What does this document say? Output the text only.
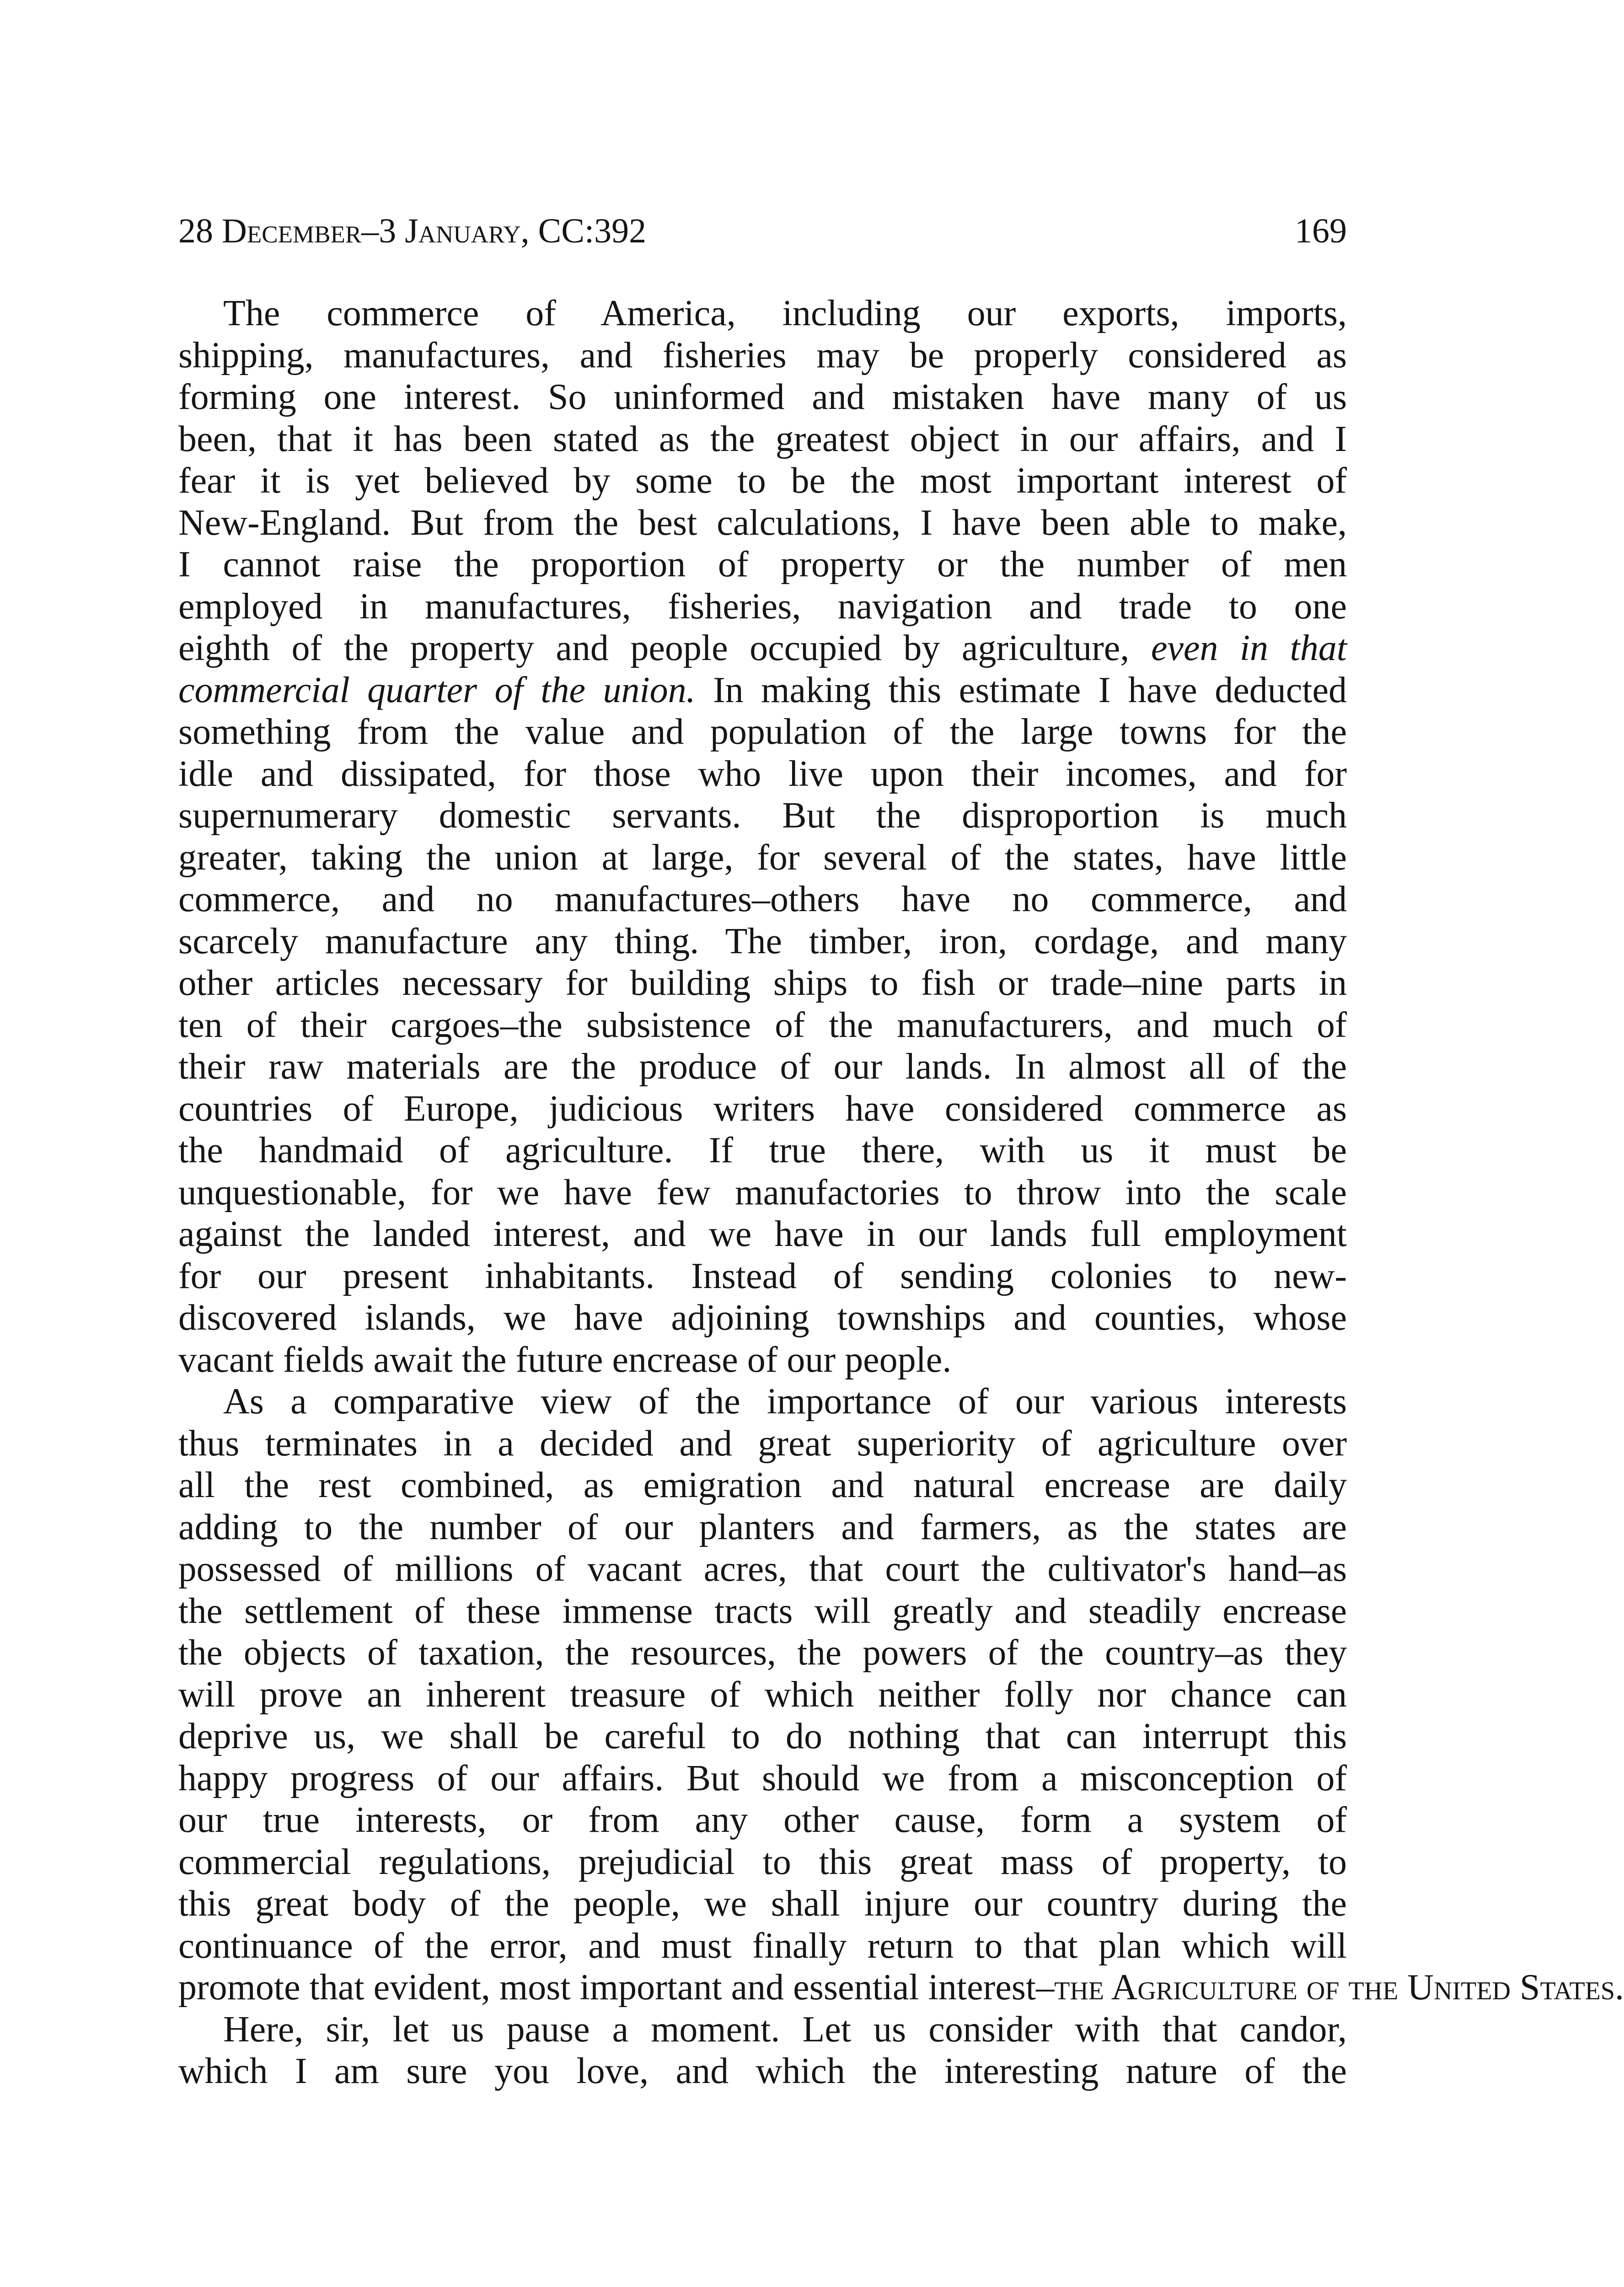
28 December–3 January, CC:392	169
The commerce of America, including our exports, imports,
shipping, manufactures, and fisheries may be properly considered as
forming one interest. So uninformed and mistaken have many of us
been, that it has been stated as the greatest object in our affairs, and I
fear it is yet believed by some to be the most important interest of
New-England. But from the best calculations, I have been able to make,
I cannot raise the proportion of property or the number of men
employed in manufactures, fisheries, navigation and trade to one
eighth of the property and people occupied by agriculture, even in that
commercial quarter of the union. In making this estimate I have deducted
something from the value and population of the large towns for the
idle and dissipated, for those who live upon their incomes, and for
supernumerary domestic servants. But the disproportion is much
greater, taking the union at large, for several of the states, have little
commerce, and no manufactures–others have no commerce, and
scarcely manufacture any thing. The timber, iron, cordage, and many
other articles necessary for building ships to fish or trade–nine parts in
ten of their cargoes–the subsistence of the manufacturers, and much of
their raw materials are the produce of our lands. In almost all of the
countries of Europe, judicious writers have considered commerce as
the handmaid of agriculture. If true there, with us it must be
unquestionable, for we have few manufactories to throw into the scale
against the landed interest, and we have in our lands full employment
for our present inhabitants. Instead of sending colonies to new-
discovered islands, we have adjoining townships and counties, whose
vacant fields await the future encrease of our people.
As a comparative view of the importance of our various interests
thus terminates in a decided and great superiority of agriculture over
all the rest combined, as emigration and natural encrease are daily
adding to the number of our planters and farmers, as the states are
possessed of millions of vacant acres, that court the cultivator's hand–as
the settlement of these immense tracts will greatly and steadily encrease
the objects of taxation, the resources, the powers of the country–as they
will prove an inherent treasure of which neither folly nor chance can
deprive us, we shall be careful to do nothing that can interrupt this
happy progress of our affairs. But should we from a misconception of
our true interests, or from any other cause, form a system of
commercial regulations, prejudicial to this great mass of property, to
this great body of the people, we shall injure our country during the
continuance of the error, and must finally return to that plan which will
promote that evident, most important and essential interest–the Agriculture of the United States.
Here, sir, let us pause a moment. Let us consider with that candor,
which I am sure you love, and which the interesting nature of the
